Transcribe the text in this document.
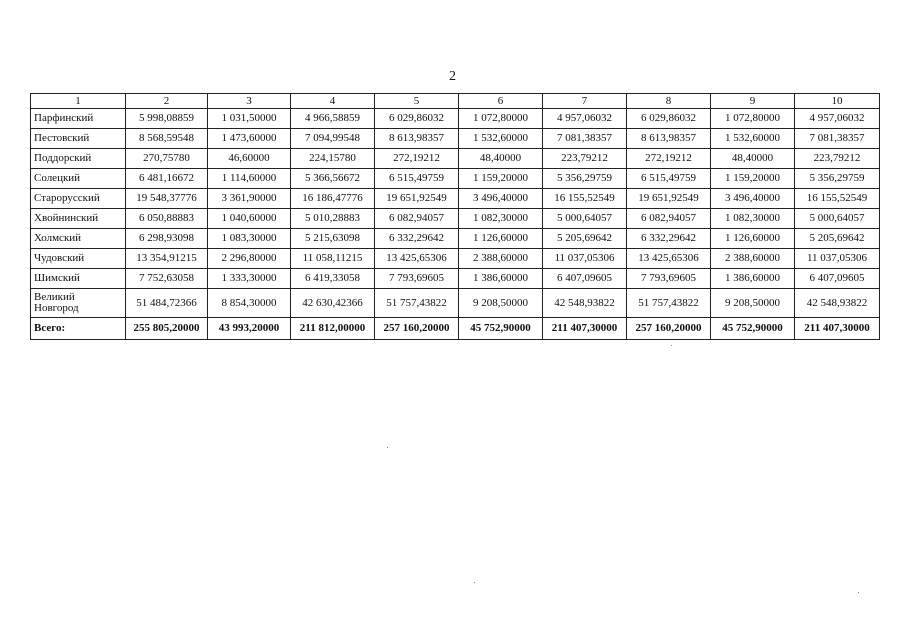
2
1	2	3	4	5	6	7	8	9	10
Парфинский	5 998,08859	1 031,50000	4 966,58859	6 029,86032	1 072,80000	4 957,06032	6 029,86032	1 072,80000	4 957,06032
Пестовский	8 568,59548	1 473,60000	7 094,99548	8 613,98357	1 532,60000	7 081,38357	8 613,98357	1 532,60000	7 081,38357
Поддорский	270,75780	46,60000	224,15780	272,19212	48,40000	223,79212	272,19212	48,40000	223,79212
Солецкий	6 481,16672	1 114,60000	5 366,56672	6 515,49759	1 159,20000	5 356,29759	6 515,49759	1 159,20000	5 356,29759
Старорусский	19 548,37776	3 361,90000	16 186,47776	19 651,92549	3 496,40000	16 155,52549	19 651,92549	3 496,40000	16 155,52549
Хвойнинский	6 050,88883	1 040,60000	5 010,28883	6 082,94057	1 082,30000	5 000,64057	6 082,94057	1 082,30000	5 000,64057
Холмский	6 298,93098	1 083,30000	5 215,63098	6 332,29642	1 126,60000	5 205,69642	6 332,29642	1 126,60000	5 205,69642
Чудовский	13 354,91215	2 296,80000	11 058,11215	13 425,65306	2 388,60000	11 037,05306	13 425,65306	2 388,60000	11 037,05306
Шимский	7 752,63058	1 333,30000	6 419,33058	7 793,69605	1 386,60000	6 407,09605	7 793,69605	1 386,60000	6 407,09605
Великий Новгород	51 484,72366	8 854,30000	42 630,42366	51 757,43822	9 208,50000	42 548,93822	51 757,43822	9 208,50000	42 548,93822
Всего:	255 805,20000	43 993,20000	211 812,00000	257 160,20000	45 752,90000	211 407,30000	257 160,20000	45 752,90000	211 407,30000
